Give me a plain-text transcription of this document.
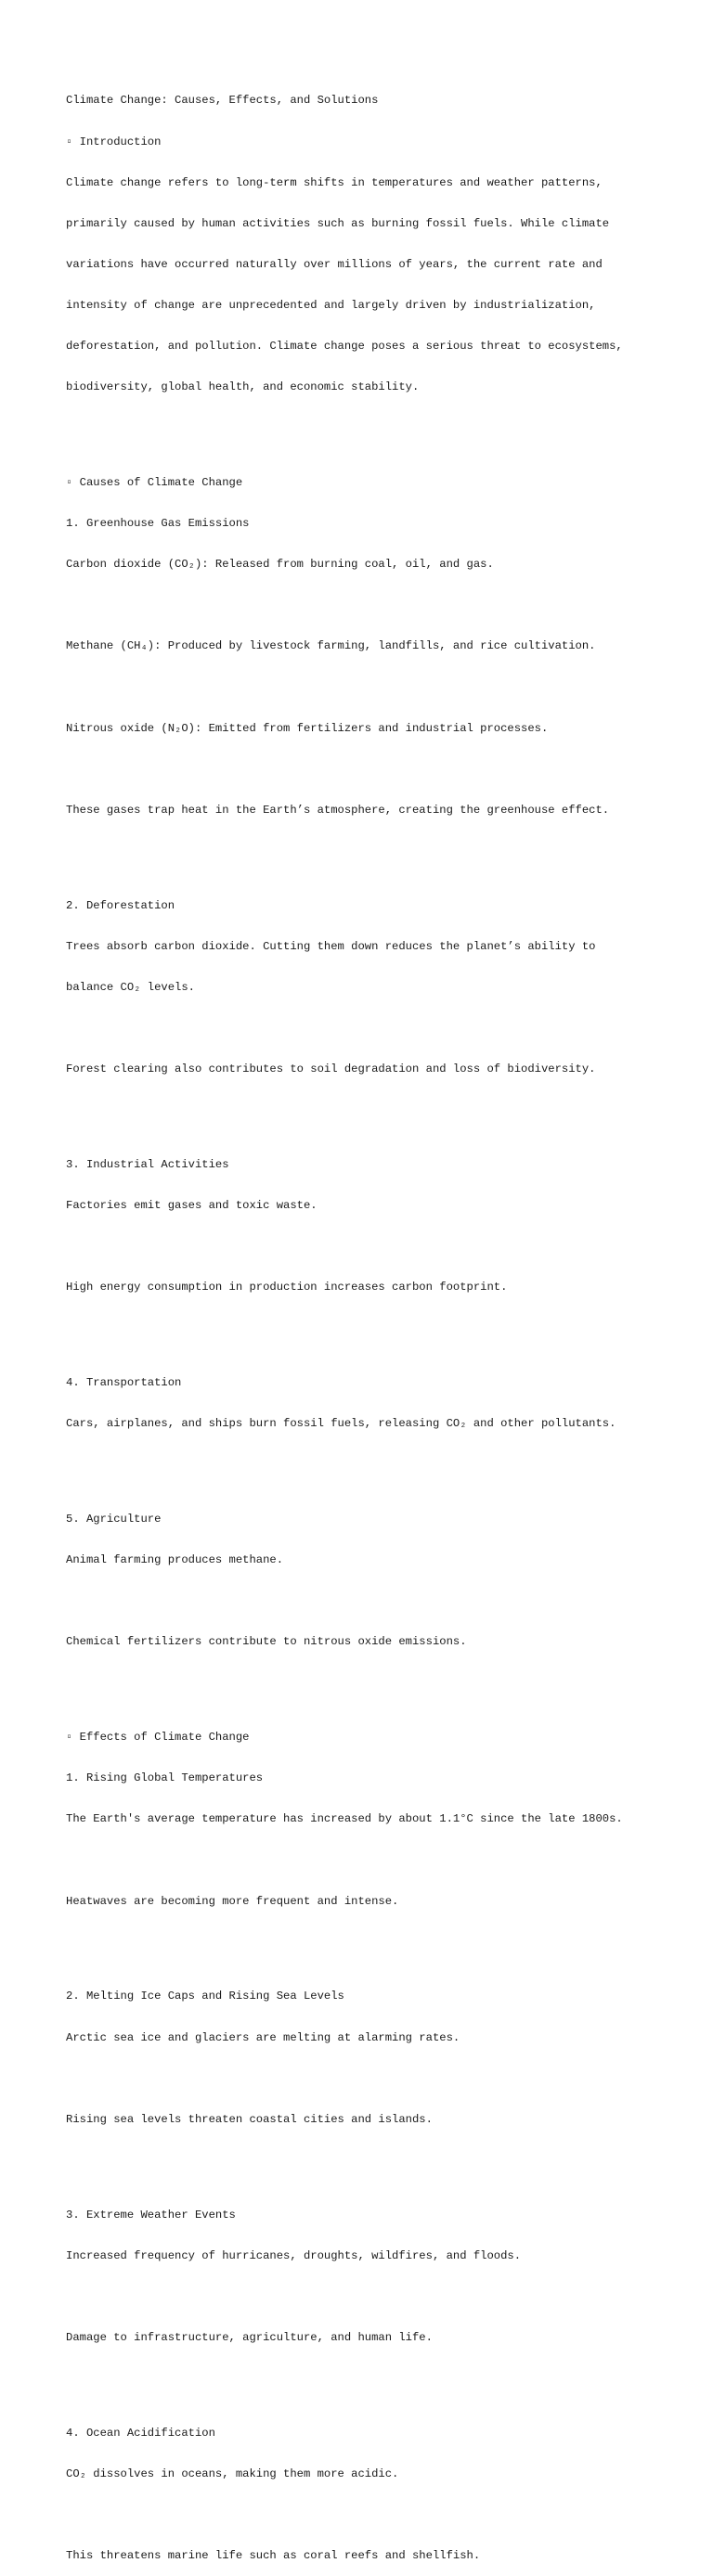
Climate Change: Causes, Effects, and Solutions

▫ Introduction

Climate change refers to long-term shifts in temperatures and weather patterns,

primarily caused by human activities such as burning fossil fuels. While climate

variations have occurred naturally over millions of years, the current rate and

intensity of change are unprecedented and largely driven by industrialization,

deforestation, and pollution. Climate change poses a serious threat to ecosystems,

biodiversity, global health, and economic stability.

▫ Causes of Climate Change

1. Greenhouse Gas Emissions

Carbon dioxide (CO₂): Released from burning coal, oil, and gas.

Methane (CH₄): Produced by livestock farming, landfills, and rice cultivation.

Nitrous oxide (N₂O): Emitted from fertilizers and industrial processes.

These gases trap heat in the Earth’s atmosphere, creating the greenhouse effect.

2. Deforestation

Trees absorb carbon dioxide. Cutting them down reduces the planet’s ability to

balance CO₂ levels.

Forest clearing also contributes to soil degradation and loss of biodiversity.

3. Industrial Activities

Factories emit gases and toxic waste.

High energy consumption in production increases carbon footprint.

4. Transportation

Cars, airplanes, and ships burn fossil fuels, releasing CO₂ and other pollutants.

5. Agriculture

Animal farming produces methane.

Chemical fertilizers contribute to nitrous oxide emissions.

▫ Effects of Climate Change

1. Rising Global Temperatures

The Earth's average temperature has increased by about 1.1°C since the late 1800s.

Heatwaves are becoming more frequent and intense.

2. Melting Ice Caps and Rising Sea Levels

Arctic sea ice and glaciers are melting at alarming rates.

Rising sea levels threaten coastal cities and islands.

3. Extreme Weather Events

Increased frequency of hurricanes, droughts, wildfires, and floods.

Damage to infrastructure, agriculture, and human life.

4. Ocean Acidification

CO₂ dissolves in oceans, making them more acidic.

This threatens marine life such as coral reefs and shellfish.
